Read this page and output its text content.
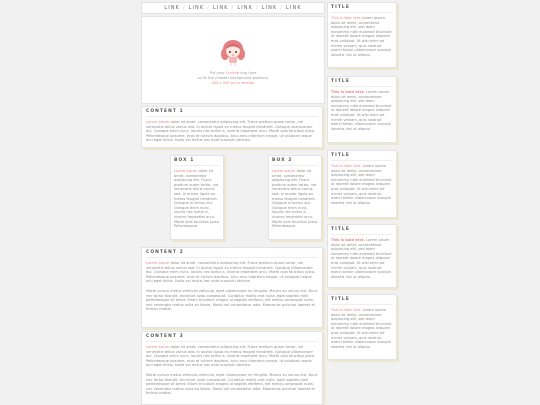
LINK / LINK / LINK / LINK / LINK / LINK
Put your Cursive img here
or fix the (header background-position)
400 x 200 px or smaller
CONTENT 1

Lorem ipsum dolor sit amet, consectetur adipiscing elit. Fusce pretium quam tortor, vel venenatis tellus varius sed. In auctor ligula eu metus feugiat hendrerit. Quisque ullamcorper dui. Quisque enim nunc, iaculis nec tortor a, viverra imperdiet arcu. Morbi quis faucibus justo. Pellentesque posuere, eros et rutrum dapibus, arcu arcu interdum neque, ut volutpat neque orci eget tellus. Nulla vel lectus nec ante suscipit ultricies.

BOX 1

Lorem ipsum dolor sit amet, consectetur adipiscing elit. Fusce pretium quam tortor, vel venenatis tellus varius sed. In auctor ligula eu metus feugiat hendrerit. Quisque in lectus dui. Quisque enim nunc, iaculis nec tortor a, viverra imperdiet arcu. Morbi quis faucibus justo. Pellentesque.

BOX 2

Lorem ipsum dolor sit amet, consectetur adipiscing elit. Fusce pretium quam tortor, vel venenatis tellus varius sed. In auctor ligula eu metus feugiat hendrerit. Quisque in lectus dui. Quisque enim nunc, iaculis nec tortor a, viverra imperdiet arcu. Morbi quis faucibus justo. Pellentesque.

CONTENT 2

Lorem ipsum dolor sit amet, consectetur adipiscing elit. Fusce pretium quam tortor, vel venenatis tellus varius sed. In auctor ligula eu metus feugiat hendrerit. Quisque Ullamcorper dui. Quisque enim nunc, iaculis nec tortor a, viverra imperdiet arcu. Morbi quis faucibus justo. Pellentesque posuere, eros et rutrum dapibus, arcu arcu interdum neque, ut volutpat neque orci eget tellus. Nulla vel lectus nec ante suscipit ultricies.

Morbi cursus metus vehicula vehicula, eget ullamcorper ex fringilla. Mauris eu varius nisl. Nunc nec tortor blandit, tincidunt justo consequat. Curabitur mollis erat nulla, eget sagittis nibh pellentesque sit amet. Etiam tincidunt magna id sagittis eleifend, elit metus consequat nulla, nec venenatis metus nulla eu libero. Morbi vel consectetur odio. Maecenas pulvinar laoreet et finibus mattis.

CONTENT 3

Lorem ipsum dolor sit amet, consectetur adipiscing elit. Fusce pretium quam tortor, vel venenatis tellus varius sed. In auctor ligula eu metus feugiat hendrerit. Quisque Ullamcorper dui. Quisque enim nunc, iaculis nec tortor a, viverra imperdiet arcu. Morbi quis faucibus justo. Pellentesque posuere, eros et rutrum dapibus, arcu arcu interdum neque, ut volutpat neque orci eget tellus. Nulla vel lectus nec ante suscipit ultricies.

Morbi cursus metus vehicula vehicula, eget ullamcorper ex fringilla. Mauris eu varius nisl. Nunc nec tortor blandit, tincidunt justo consequat. Curabitur mollis erat nulla, eget sagittis nibh pellentesque sit amet. Etiam tincidunt magna id sagittis eleifend, elit metus consequat nulla, nec venenatis metus nulla eu libero. Morbi vel consectetur odio. Maecenas pulvinar laoreet et finibus mattis.

TITLE

This is italic text Lorem ipsum dolor sit amet, consectetur adipiscing elit, sed diam nonummy nibh euismod tincidunt ut laoreet dolore magna aliquam erat volutpat. Ut wisi enim ad minim veniam, quis nostrud exerci tation ullamcorper suscipit lobortis nisl ut aliquip.

TITLE

This is bold text. Lorem ipsum dolor sit amet, consectetuer adipiscing elit, sed diam nonummy nibh euismod tincidunt ut laoreet dolore magna aliquam erat volutpat. Ut wisi enim ad minim veniam, quis nostrud exerci tation ullamcorper suscipit lobortis nisl ut aliquip.

TITLE

This is italic text. Lorem ipsum dolor sit amet, consectetuer adipiscing elit, sed diam nonummy nibh euismod tincidunt ut laoreet dolore magna aliquam erat volutpat. Ut wisi enim ad minim veniam, quis nostrud exerci tation ullamcorper suscipit lobortis nisl ut aliquip.

TITLE

This is bold text. Lorem ipsum dolor sit amet, consectetuer adipiscing elit, sed diam nonummy nibh euismod tincidunt ut laoreet dolore magna aliquam erat volutpat. Ut wisi enim ad minim veniam, quis nostrud exerci tation ullamcorper suscipit lobortis nisl ut aliquip.

TITLE

This is italic text. Lorem ipsum dolor sit amet, consectetuer adipiscing elit, sed diam nonummy nibh euismod tincidunt ut laoreet dolore magna aliquam erat volutpat. Ut wisi enim ad minim veniam, quis nostrud exerci tation ullamcorper suscipit lobortis nisl ut aliquip.
